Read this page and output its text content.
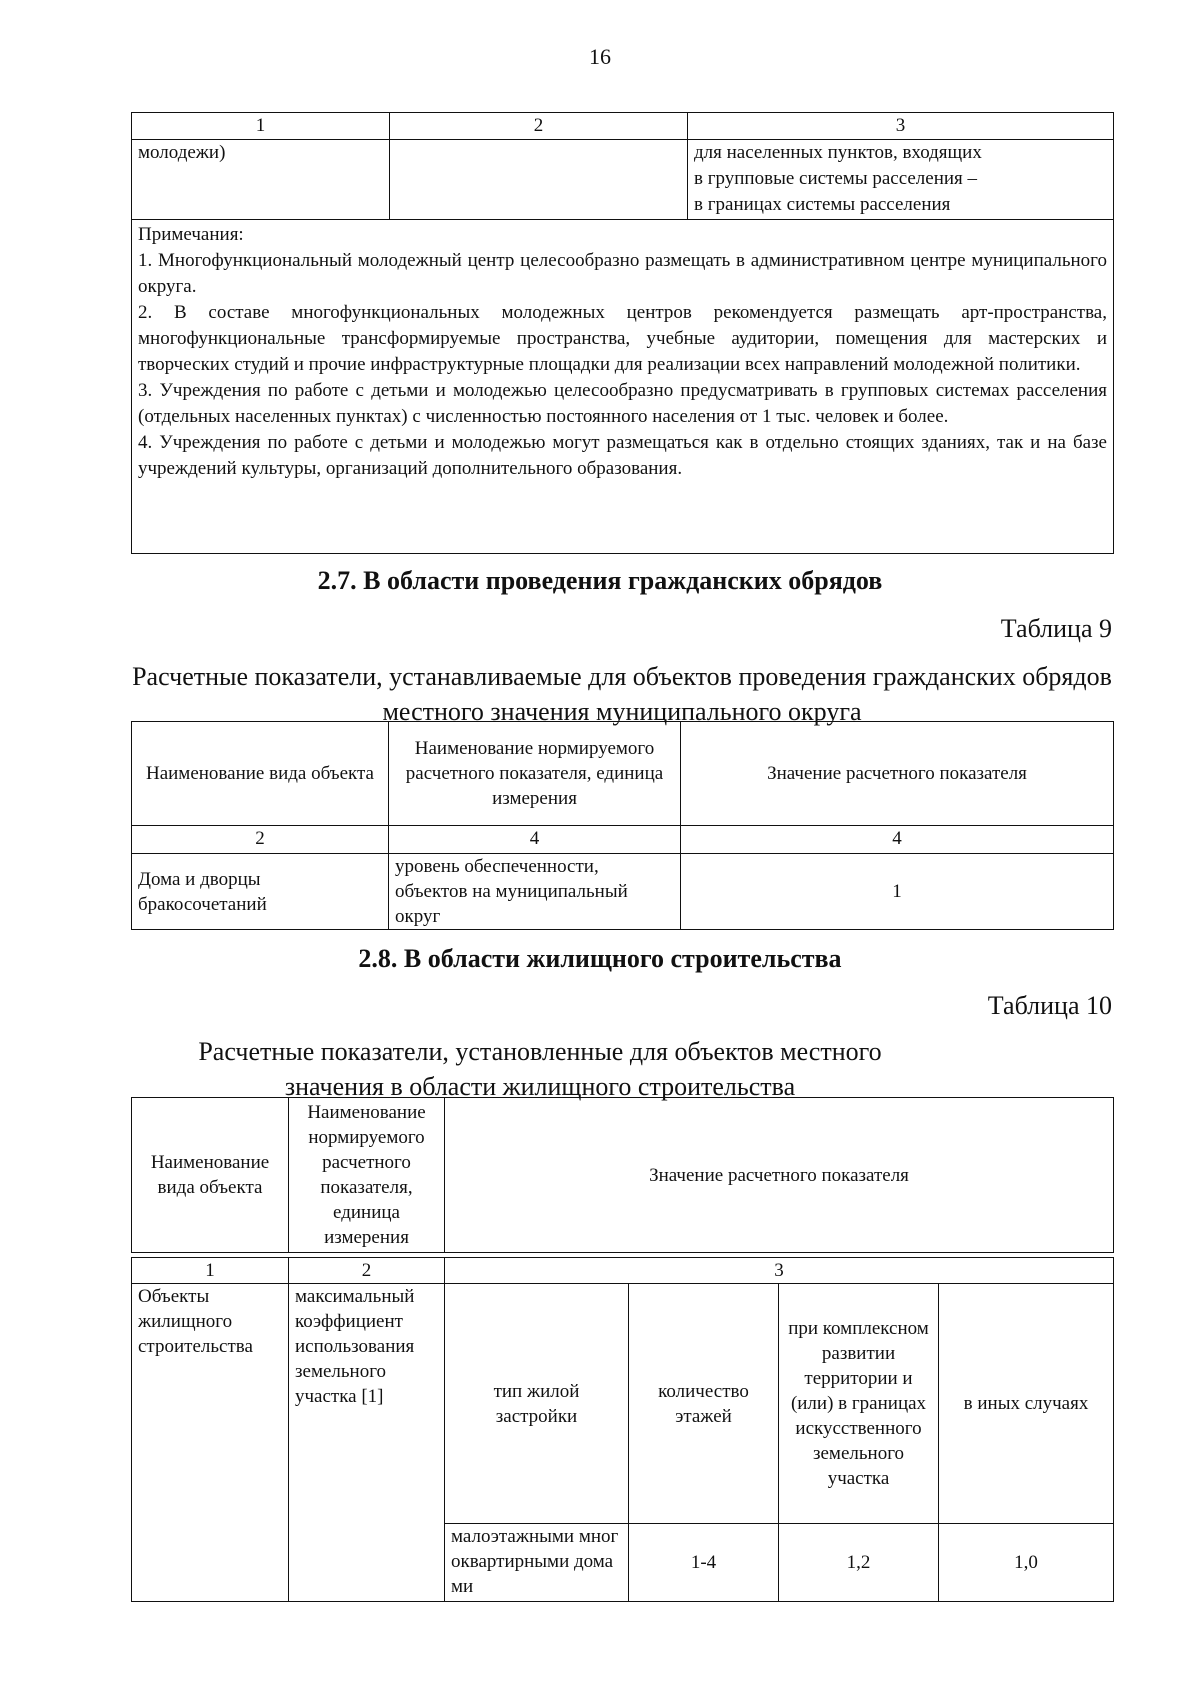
16
1	2	3
молодежи)		для населенных пунктов, входящих
в групповые системы расселения –
в границах системы расселения

Примечания:

1. Многофункциональный молодежный центр целесообразно размещать в административном центре муниципального округа.

2. В составе многофункциональных молодежных центров рекомендуется размещать арт-пространства, многофункциональные трансформируемые пространства, учебные аудитории, помещения для мастерских и творческих студий и прочие инфраструктурные площадки для реализации всех направлений молодежной политики.

3. Учреждения по работе с детьми и молодежью целесообразно предусматривать в групповых системах расселения (отдельных населенных пунктах) с численностью постоянного населения от 1 тыс. человек и более.

4. Учреждения по работе с детьми и молодежью могут размещаться как в отдельно стоящих зданиях, так и на базе учреждений культуры, организаций дополнительного образования.		

2.7. В области проведения гражданских обрядов
Таблица 9
Расчетные показатели, устанавливаемые для объектов проведения гражданских обрядов местного значения муниципального округа
Наименование вида объекта	Наименование нормируемого расчетного показателя, единица измерения	Значение расчетного показателя
2	4	4
Дома и дворцы бракосочетаний	уровень обеспеченности, объектов на муниципальный округ	1
2.8. В области жилищного строительства
Таблица 10
Расчетные показатели, установленные для объектов местного значения в области жилищного строительства
Наименование вида объекта	Наименование нормируемого расчетного показателя, единица измерения	Значение расчетного показателя
1	2	3			
Объекты жилищного строительства	максимальный коэффициент использования земельного участка [1]	тип жилой застройки	количество этажей	при комплексном развитии территории и (или) в границах искусственного земельного участка	в иных случаях
		малоэтажными многоквартирными домами	1-4	1,2	1,0
